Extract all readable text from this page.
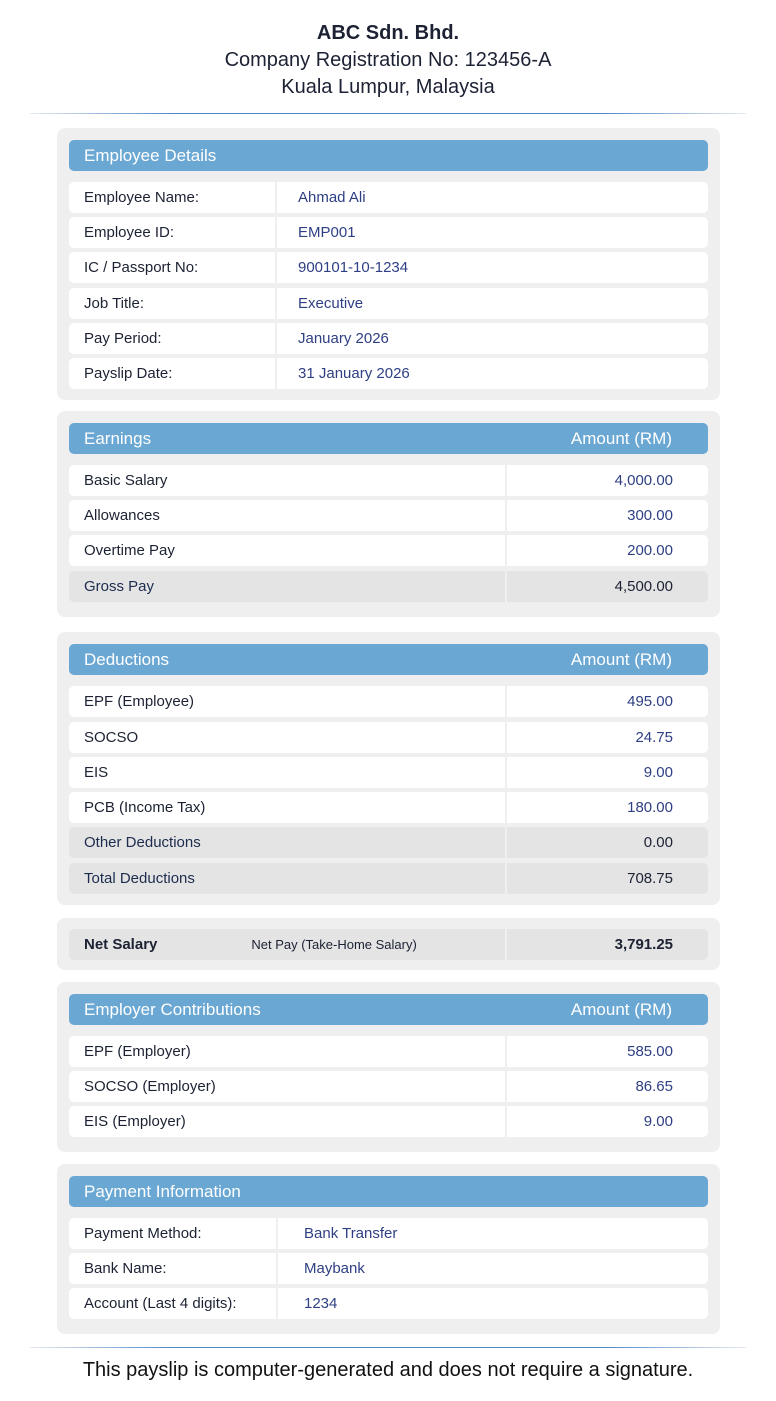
ABC Sdn. Bhd.
Company Registration No: 123456-A
Kuala Lumpur, Malaysia
Employee Details
Employee Name:	Ahmad Ali
Employee ID:	EMP001
IC / Passport No:	900101-10-1234
Job Title:	Executive
Pay Period:	January 2026
Payslip Date:	31 January 2026
Earnings	Amount (RM)
Basic Salary	4,000.00
Allowances	300.00
Overtime Pay	200.00
Gross Pay	4,500.00
Deductions	Amount (RM)
EPF (Employee)	495.00
SOCSO	24.75
EIS	9.00
PCB (Income Tax)	180.00
Other Deductions	0.00
Total Deductions	708.75
Net Salary	Net Pay (Take-Home Salary)	3,791.25
Employer Contributions	Amount (RM)
EPF (Employer)	585.00
SOCSO (Employer)	86.65
EIS (Employer)	9.00
Payment Information
Payment Method:	Bank Transfer
Bank Name:	Maybank
Account (Last 4 digits):	1234
This payslip is computer-generated and does not require a signature.
